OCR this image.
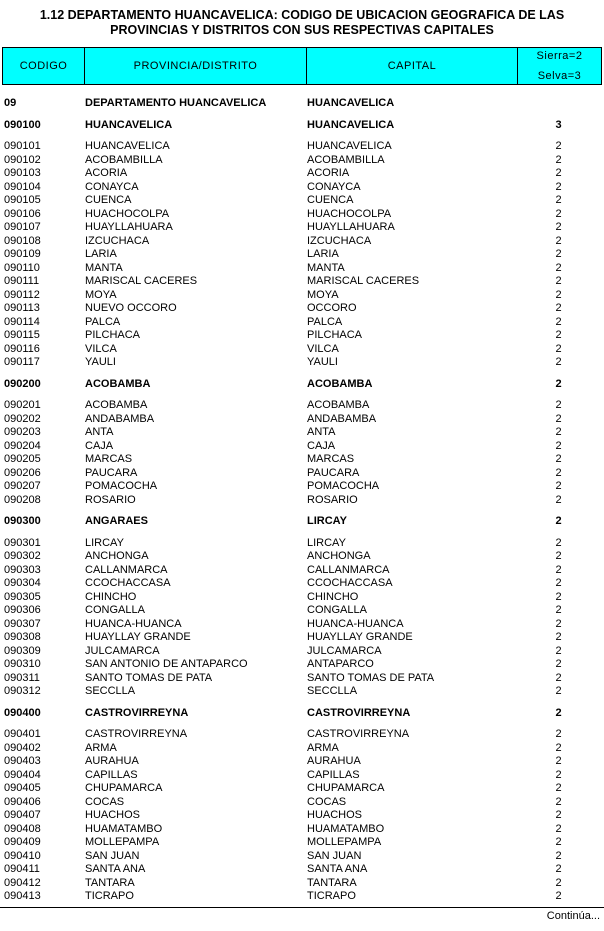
1.12 DEPARTAMENTO HUANCAVELICA: CODIGO DE UBICACION GEOGRAFICA DE LAS
PROVINCIAS Y DISTRITOS CON SUS RESPECTIVAS CAPITALES
CODIGO	PROVINCIA/DISTRITO	CAPITAL
Sierra=2
Selva=3
09	DEPARTAMENTO HUANCAVELICA	HUANCAVELICA
090100	HUANCAVELICA	HUANCAVELICA	3
090101	HUANCAVELICA	HUANCAVELICA	2
090102	ACOBAMBILLA	ACOBAMBILLA	2
090103	ACORIA	ACORIA	2
090104	CONAYCA	CONAYCA	2
090105	CUENCA	CUENCA	2
090106	HUACHOCOLPA	HUACHOCOLPA	2
090107	HUAYLLAHUARA	HUAYLLAHUARA	2
090108	IZCUCHACA	IZCUCHACA	2
090109	LARIA	LARIA	2
090110	MANTA	MANTA	2
090111	MARISCAL CACERES	MARISCAL CACERES	2
090112	MOYA	MOYA	2
090113	NUEVO OCCORO	OCCORO	2
090114	PALCA	PALCA	2
090115	PILCHACA	PILCHACA	2
090116	VILCA	VILCA	2
090117	YAULI	YAULI	2
090200	ACOBAMBA	ACOBAMBA	2
090201	ACOBAMBA	ACOBAMBA	2
090202	ANDABAMBA	ANDABAMBA	2
090203	ANTA	ANTA	2
090204	CAJA	CAJA	2
090205	MARCAS	MARCAS	2
090206	PAUCARA	PAUCARA	2
090207	POMACOCHA	POMACOCHA	2
090208	ROSARIO	ROSARIO	2
090300	ANGARAES	LIRCAY	2
090301	LIRCAY	LIRCAY	2
090302	ANCHONGA	ANCHONGA	2
090303	CALLANMARCA	CALLANMARCA	2
090304	CCOCHACCASA	CCOCHACCASA	2
090305	CHINCHO	CHINCHO	2
090306	CONGALLA	CONGALLA	2
090307	HUANCA-HUANCA	HUANCA-HUANCA	2
090308	HUAYLLAY GRANDE	HUAYLLAY GRANDE	2
090309	JULCAMARCA	JULCAMARCA	2
090310	SAN ANTONIO DE ANTAPARCO	ANTAPARCO	2
090311	SANTO TOMAS DE PATA	SANTO TOMAS DE PATA	2
090312	SECCLLA	SECCLLA	2
090400	CASTROVIRREYNA	CASTROVIRREYNA	2
090401	CASTROVIRREYNA	CASTROVIRREYNA	2
090402	ARMA	ARMA	2
090403	AURAHUA	AURAHUA	2
090404	CAPILLAS	CAPILLAS	2
090405	CHUPAMARCA	CHUPAMARCA	2
090406	COCAS	COCAS	2
090407	HUACHOS	HUACHOS	2
090408	HUAMATAMBO	HUAMATAMBO	2
090409	MOLLEPAMPA	MOLLEPAMPA	2
090410	SAN JUAN	SAN JUAN	2
090411	SANTA ANA	SANTA ANA	2
090412	TANTARA	TANTARA	2
090413	TICRAPO	TICRAPO	2
Continúa...
